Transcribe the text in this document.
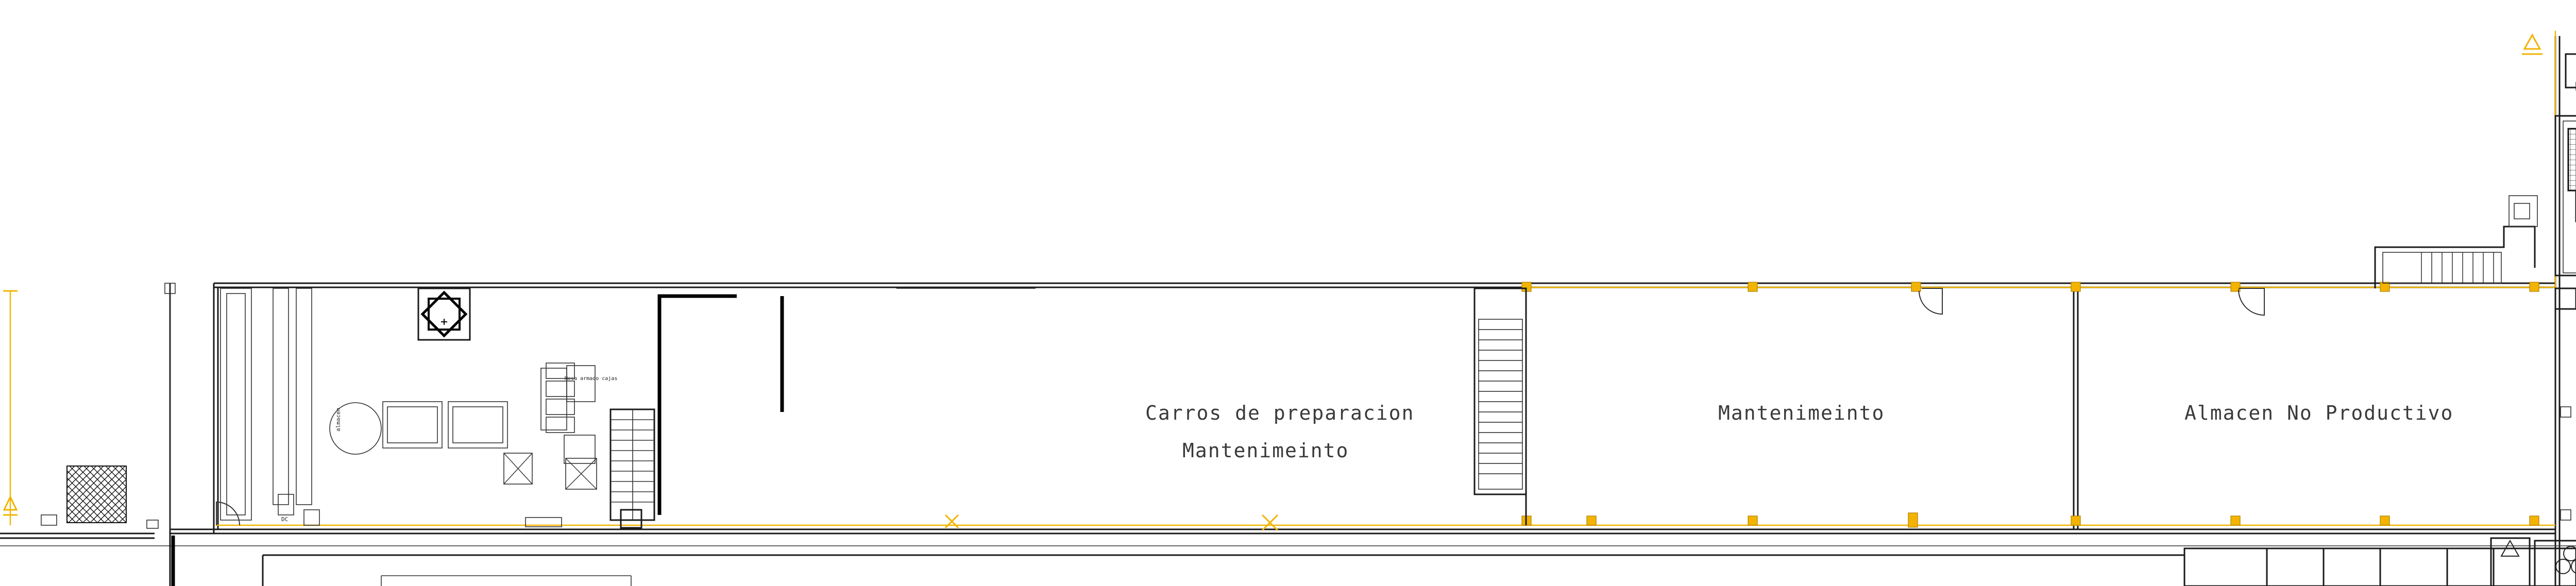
DC
almacen
Mesa armado cajas
Carros de preparacion
Mantenimeinto
Mantenimeinto	Almacen No Productivo
